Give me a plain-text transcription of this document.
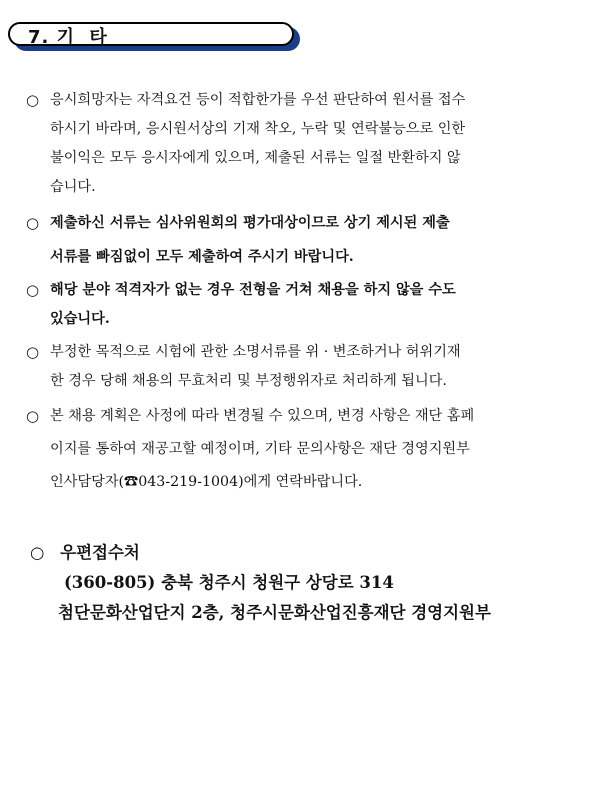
7. 기 타
○ 응시희망자는 자격요건 등이 적합한가를 우선 판단하여 원서를 접수
하시기 바라며, 응시원서상의 기재 착오, 누락 및 연락불능으로 인한
불이익은 모두 응시자에게 있으며, 제출된 서류는 일절 반환하지 않
습니다.
○ 제출하신 서류는 심사위원회의 평가대상이므로 상기 제시된 제출
서류를 빠짐없이 모두 제출하여 주시기 바랍니다.
○ 해당 분야 적격자가 없는 경우 전형을 거쳐 채용을 하지 않을 수도
있습니다.
○ 부정한 목적으로 시험에 관한 소명서류를 위 · 변조하거나 허위기재
한 경우 당해 채용의 무효처리 및 부정행위자로 처리하게 됩니다.
○ 본 채용 계획은 사정에 따라 변경될 수 있으며, 변경 사항은 재단 홈페
이지를 통하여 재공고할 예정이며, 기타 문의사항은 재단 경영지원부
인사담당자(☎043-219-1004)에게 연락바랍니다.
○ 우편접수처
(360-805) 충북 청주시 청원구 상당로 314
첨단문화산업단지 2층, 청주시문화산업진흥재단 경영지원부
